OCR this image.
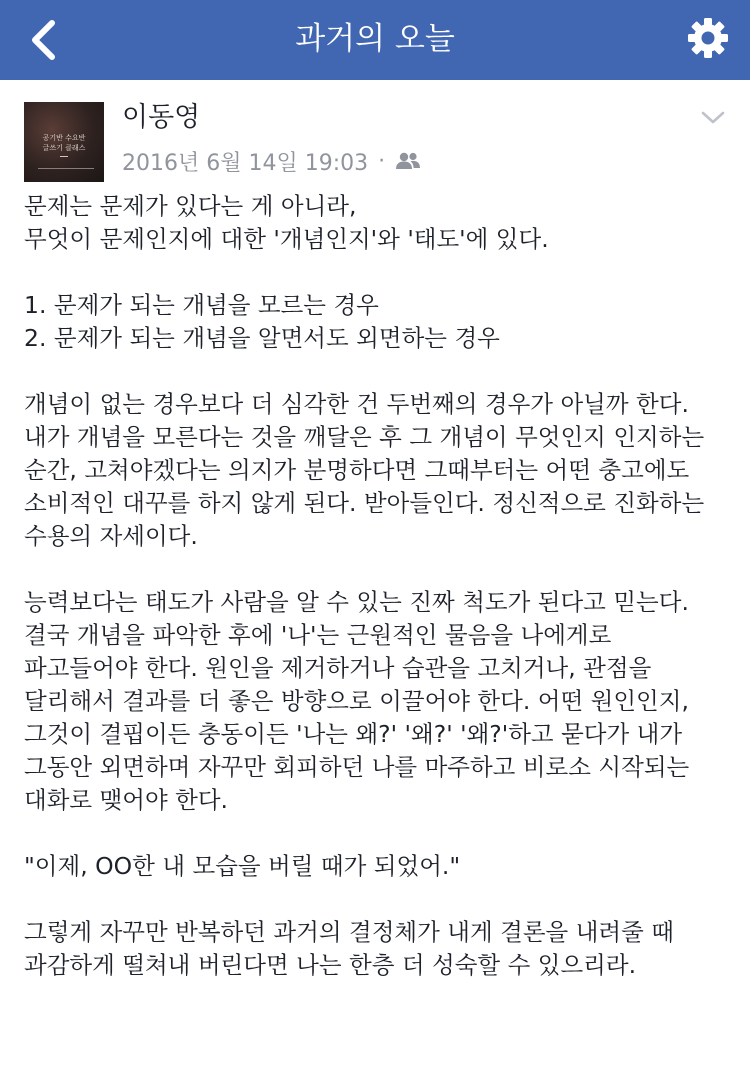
과거의 오늘
공기반 수요반
글쓰기 클래스
이동영
2016년 6월 14일 19:03 ·

문제는 문제가 있다는 게 아니라,
무엇이 문제인지에 대한 '개념인지'와 '태도'에 있다.

1. 문제가 되는 개념을 모르는 경우
2. 문제가 되는 개념을 알면서도 외면하는 경우

개념이 없는 경우보다 더 심각한 건 두번째의 경우가 아닐까 한다. 내가 개념을 모른다는 것을 깨달은 후 그 개념이 무엇인지 인지하는 순간, 고쳐야겠다는 의지가 분명하다면 그때부터는 어떤 충고에도 소비적인 대꾸를 하지 않게 된다. 받아들인다. 정신적으로 진화하는 수용의 자세이다.

능력보다는 태도가 사람을 알 수 있는 진짜 척도가 된다고 믿는다. 결국 개념을 파악한 후에 '나'는 근원적인 물음을 나에게로 파고들어야 한다. 원인을 제거하거나 습관을 고치거나, 관점을 달리해서 결과를 더 좋은 방향으로 이끌어야 한다. 어떤 원인인지, 그것이 결핍이든 충동이든 '나는 왜?' '왜?' '왜?'하고 묻다가 내가 그동안 외면하며 자꾸만 회피하던 나를 마주하고 비로소 시작되는 대화로 맺어야 한다.

"이제, OO한 내 모습을 버릴 때가 되었어."

그렇게 자꾸만 반복하던 과거의 결정체가 내게 결론을 내려줄 때 과감하게 떨쳐내 버린다면 나는 한층 더 성숙할 수 있으리라.
